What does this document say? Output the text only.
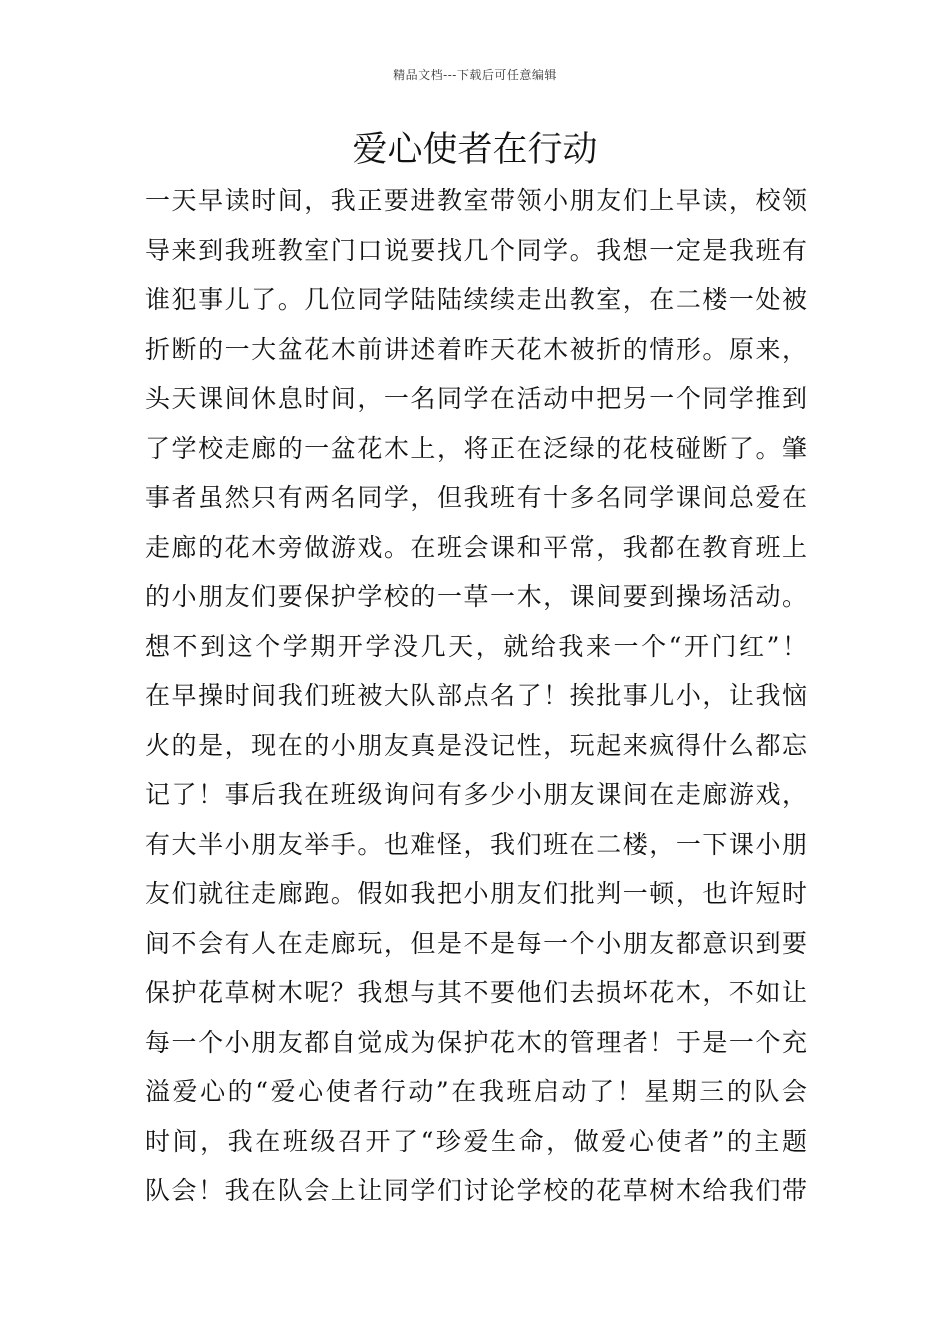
精品文档---下载后可任意编辑
爱心使者在行动
一天早读时间，我正要进教室带领小朋友们上早读，校领
导来到我班教室门口说要找几个同学。我想一定是我班有
谁犯事儿了。几位同学陆陆续续走出教室，在二楼一处被
折断的一大盆花木前讲述着昨天花木被折的情形。原来，
头天课间休息时间，一名同学在活动中把另一个同学推到
了学校走廊的一盆花木上，将正在泛绿的花枝碰断了。肇
事者虽然只有两名同学，但我班有十多名同学课间总爱在
走廊的花木旁做游戏。在班会课和平常，我都在教育班上
的小朋友们要保护学校的一草一木，课间要到操场活动。
想不到这个学期开学没几天，就给我来一个“开门红”！
在早操时间我们班被大队部点名了！挨批事儿小，让我恼
火的是，现在的小朋友真是没记性，玩起来疯得什么都忘
记了！事后我在班级询问有多少小朋友课间在走廊游戏，
有大半小朋友举手。也难怪，我们班在二楼，一下课小朋
友们就往走廊跑。假如我把小朋友们批判一顿，也许短时
间不会有人在走廊玩，但是不是每一个小朋友都意识到要
保护花草树木呢？我想与其不要他们去损坏花木，不如让
每一个小朋友都自觉成为保护花木的管理者！于是一个充
溢爱心的“爱心使者行动”在我班启动了！星期三的队会
时间，我在班级召开了“珍爱生命，做爱心使者”的主题
队会！我在队会上让同学们讨论学校的花草树木给我们带
